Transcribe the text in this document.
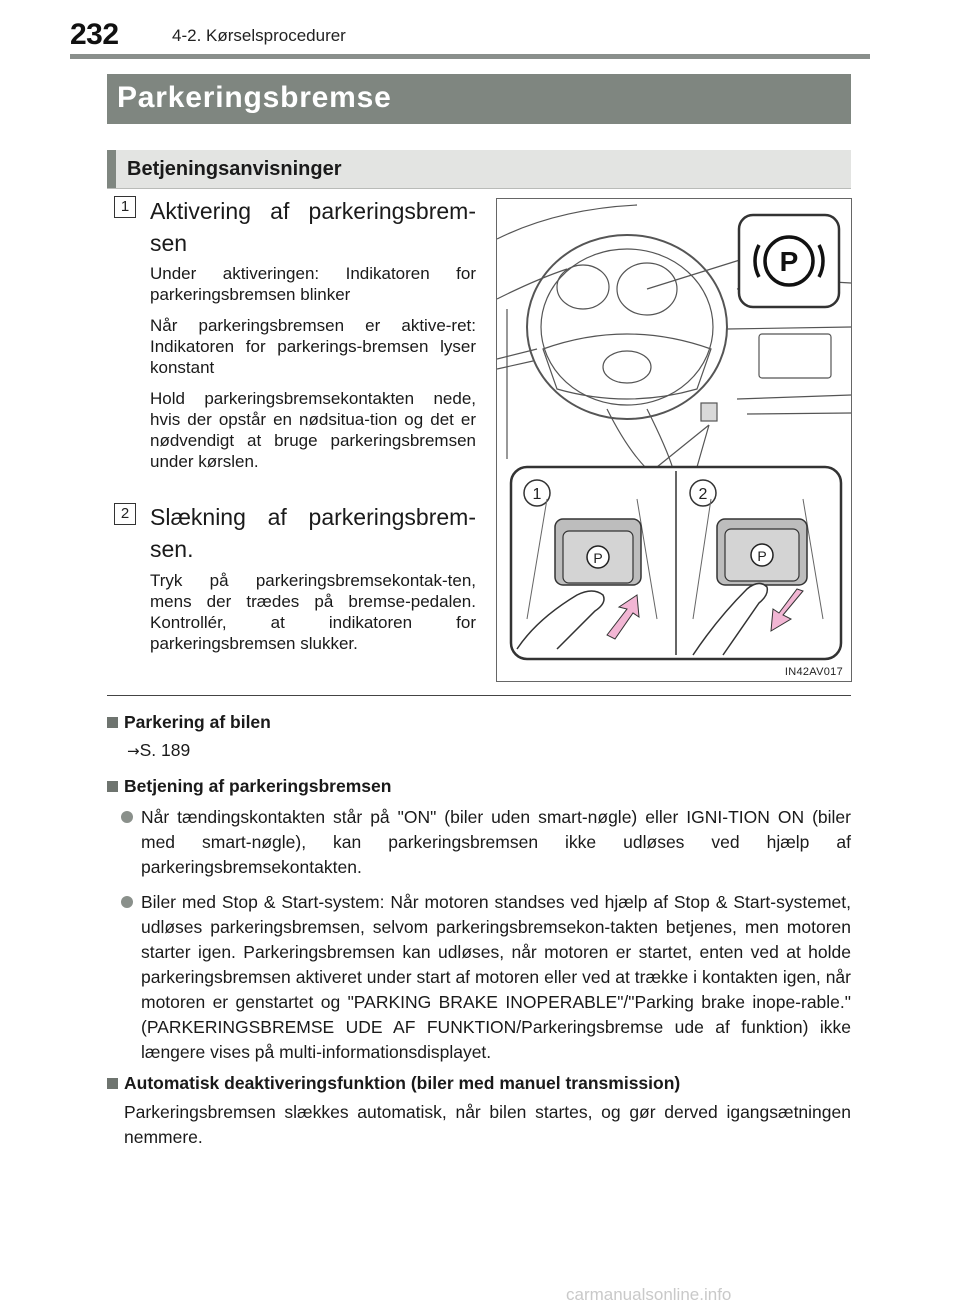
232	4-2. Kørselsprocedurer
Parkeringsbremse
Betjeningsanvisninger
1 Aktivering af parkeringsbrem-sen

Under aktiveringen: Indikatoren for parkeringsbremsen blinker

Når parkeringsbremsen er aktive-ret: Indikatoren for parkerings-bremsen lyser konstant

Hold parkeringsbremsekontakten nede, hvis der opstår en nødsitua-tion og det er nødvendigt at bruge parkeringsbremsen under kørslen.

2 Slækning af parkeringsbrem-sen.

Tryk på parkeringsbremsekontak-ten, mens der trædes på bremse-pedalen. Kontrollér, at indikatoren for parkeringsbremsen slukker.

P
1
P
2
P
IN42AV017
Parkering af bilen
→S. 189
Betjening af parkeringsbremsen
Når tændingskontakten står på "ON" (biler uden smart-nøgle) eller IGNI-TION ON (biler med smart-nøgle), kan parkeringsbremsen ikke udløses ved hjælp af parkeringsbremsekontakten.
Biler med Stop & Start-system: Når motoren standses ved hjælp af Stop & Start-systemet, udløses parkeringsbremsen, selvom parkeringsbremsekon-takten betjenes, men motoren starter igen. Parkeringsbremsen kan udløses, når motoren er startet, enten ved at holde parkeringsbremsen aktiveret under start af motoren eller ved at trække i kontakten igen, når motoren er genstartet og "PARKING BRAKE INOPERABLE"/"Parking brake inope-rable." (PARKERINGSBREMSE UDE AF FUNKTION/Parkeringsbremse ude af funktion) ikke længere vises på multi-informationsdisplayet.
Automatisk deaktiveringsfunktion (biler med manuel transmission)
Parkeringsbremsen slækkes automatisk, når bilen startes, og gør derved igangsætningen nemmere.
carmanualsonline.info
